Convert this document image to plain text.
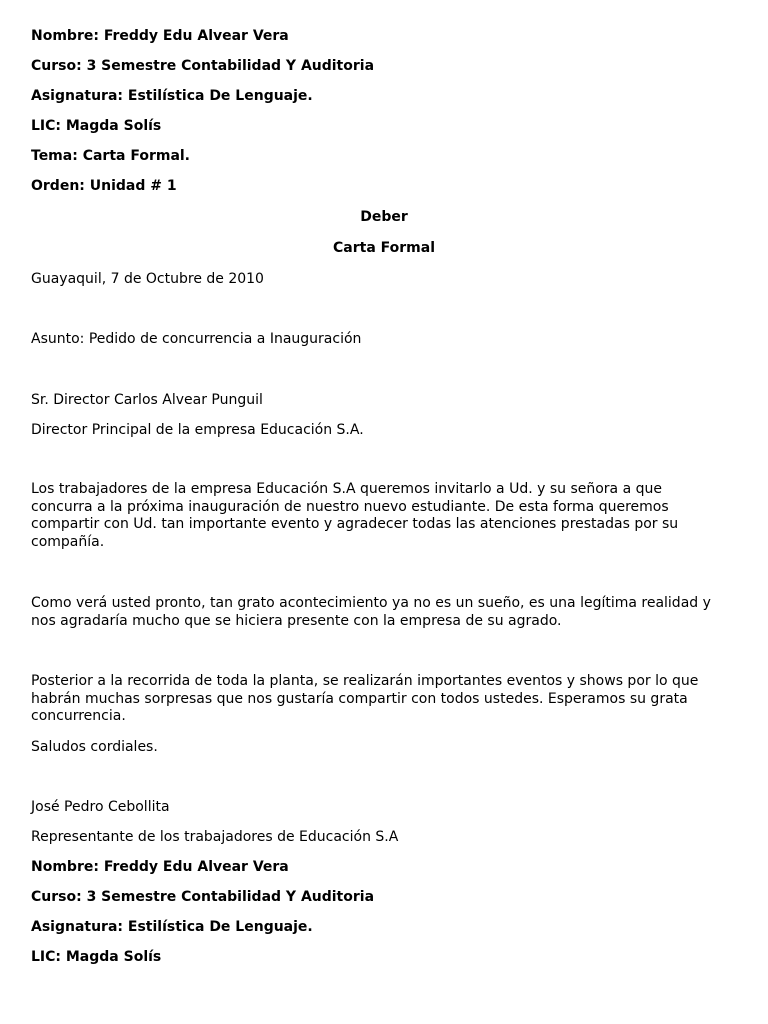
Nombre: Freddy Edu Alvear Vera

Curso: 3 Semestre Contabilidad Y Auditoria

Asignatura: Estilística De Lenguaje.

LIC: Magda Solís

Tema: Carta Formal.

Orden: Unidad # 1

Deber

Carta Formal

Guayaquil, 7 de Octubre de 2010

Asunto: Pedido de concurrencia a Inauguración

Sr. Director Carlos Alvear Punguil

Director Principal de la empresa Educación S.A.

Los trabajadores de la empresa Educación S.A queremos invitarlo a Ud. y su señora a que
concurra a la próxima inauguración de nuestro nuevo estudiante. De esta forma queremos
compartir con Ud. tan importante evento y agradecer todas las atenciones prestadas por su
compañía.
Como verá usted pronto, tan grato acontecimiento ya no es un sueño, es una legítima realidad y
nos agradaría mucho que se hiciera presente con la empresa de su agrado.
Posterior a la recorrida de toda la planta, se realizarán importantes eventos y shows por lo que
habrán muchas sorpresas que nos gustaría compartir con todos ustedes. Esperamos su grata
concurrencia.

Saludos cordiales.

José Pedro Cebollita

Representante de los trabajadores de Educación S.A

Nombre: Freddy Edu Alvear Vera

Curso: 3 Semestre Contabilidad Y Auditoria

Asignatura: Estilística De Lenguaje.

LIC: Magda Solís
